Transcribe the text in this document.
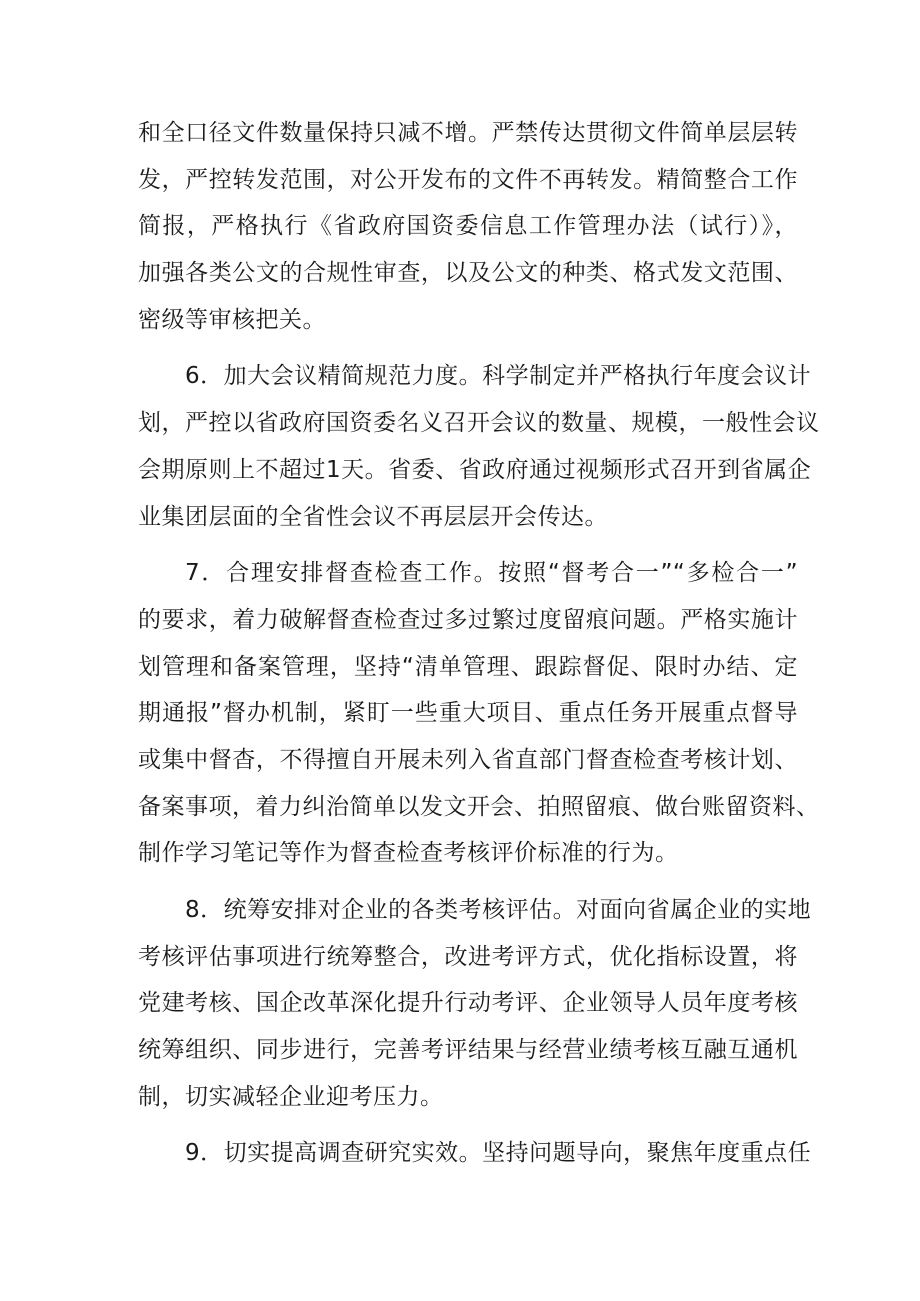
和全口径文件数量保持只减不增。严禁传达贯彻文件简单层层转
发，严控转发范围，对公开发布的文件不再转发。精简整合工作
简报，严格执行《省政府国资委信息工作管理办法（试行）》，
加强各类公文的合规性审查，以及公文的种类、格式发文范围、
密级等审核把关。
6．加大会议精简规范力度。科学制定并严格执行年度会议计
划，严控以省政府国资委名义召开会议的数量、规模，一般性会议
会期原则上不超过1天。省委、省政府通过视频形式召开到省属企
业集团层面的全省性会议不再层层开会传达。
7．合理安排督查检查工作。按照“督考合一”“多检合一”
的要求，着力破解督查检查过多过繁过度留痕问题。严格实施计
划管理和备案管理，坚持“清单管理、跟踪督促、限时办结、定
期通报”督办机制，紧盯一些重大项目、重点任务开展重点督导
或集中督杳，不得擅自开展未列入省直部门督查检查考核计划、
备案事项，着力纠治简单以发文开会、拍照留痕、做台账留资料、
制作学习笔记等作为督查检查考核评价标准的行为。
8．统筹安排对企业的各类考核评估。对面向省属企业的实地
考核评估事项进行统筹整合，改进考评方式，优化指标设置，将
党建考核、国企改革深化提升行动考评、企业领导人员年度考核
统筹组织、同步进行，完善考评结果与经营业绩考核互融互通机
制，切实减轻企业迎考压力。
9．切实提高调查研究实效。坚持问题导向，聚焦年度重点任
